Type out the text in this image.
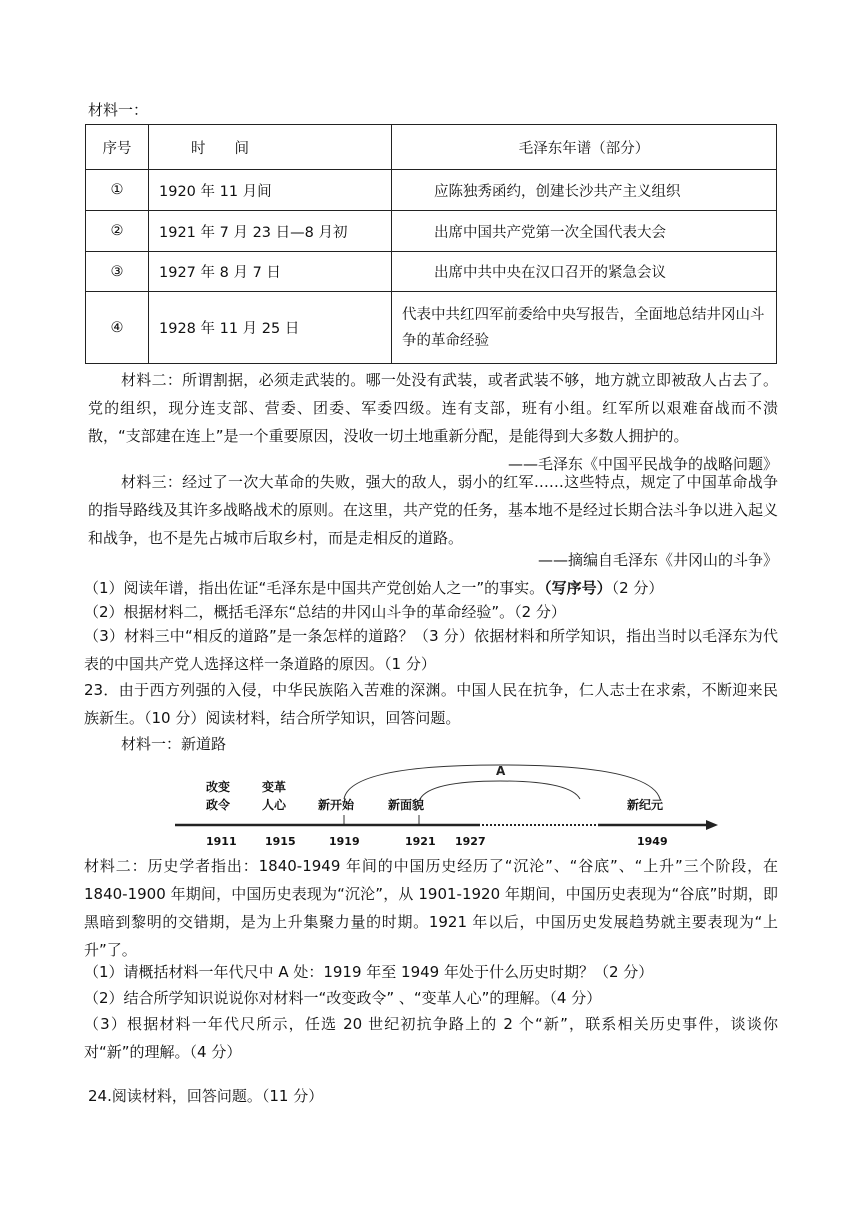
材料一：
序号	时　　间	毛泽东年谱（部分）
①	1920 年 11 月间	应陈独秀函约，创建长沙共产主义组织
②	1921 年 7 月 23 日—8 月初	出席中国共产党第一次全国代表大会
③	1927 年 8 月 7 日	出席中共中央在汉口召开的紧急会议
④	1928 年 11 月 25 日	代表中共红四军前委给中央写报告，全面地总结井冈山斗争的革命经验
材料二：所谓割据，必须走武装的。哪一处没有武装，或者武装不够，地方就立即被敌人占去了。党的组织，现分连支部、营委、团委、军委四级。连有支部，班有小组。红军所以艰难奋战而不溃散，“支部建在连上”是一个重要原因，没收一切土地重新分配，是能得到大多数人拥护的。
——毛泽东《中国平民战争的战略问题》
材料三：经过了一次大革命的失败，强大的敌人，弱小的红军……这些特点，规定了中国革命战争的指导路线及其许多战略战术的原则。在这里，共产党的任务，基本地不是经过长期合法斗争以进入起义和战争，也不是先占城市后取乡村，而是走相反的道路。
——摘编自毛泽东《井冈山的斗争》
（1）阅读年谱，指出佐证“毛泽东是中国共产党创始人之一”的事实。（写序号）（2 分）
（2）根据材料二，概括毛泽东“总结的井冈山斗争的革命经验”。（2 分）
（3）材料三中“相反的道路”是一条怎样的道路？（3 分）依据材料和所学知识，指出当时以毛泽东为代表的中国共产党人选择这样一条道路的原因。（1 分）
23．由于西方列强的入侵，中华民族陷入苦难的深渊。中国人民在抗争，仁人志士在求索，不断迎来民族新生。（10 分）阅读材料，结合所学知识，回答问题。
材料一：新道路
A
改变
政令
变革
人心	新开始	新面貌	新纪元
1911	1915	1919	1921 1927	1949
材料二：历史学者指出：1840-1949 年间的中国历史经历了“沉沦”、“谷底”、“上升”三个阶段，在 1840-1900 年期间，中国历史表现为“沉沦”，从 1901-1920 年期间，中国历史表现为“谷底”时期，即黑暗到黎明的交错期，是为上升集聚力量的时期。1921 年以后，中国历史发展趋势就主要表现为“上升”了。
（1）请概括材料一年代尺中 A 处：1919 年至 1949 年处于什么历史时期？（2 分）
（2）结合所学知识说说你对材料一“改变政令” 、“变革人心”的理解。（4 分）
（3）根据材料一年代尺所示，任选 20 世纪初抗争路上的 2 个“新”，联系相关历史事件，谈谈你对“新”的理解。（4 分）
24.阅读材料，回答问题。（11 分）
